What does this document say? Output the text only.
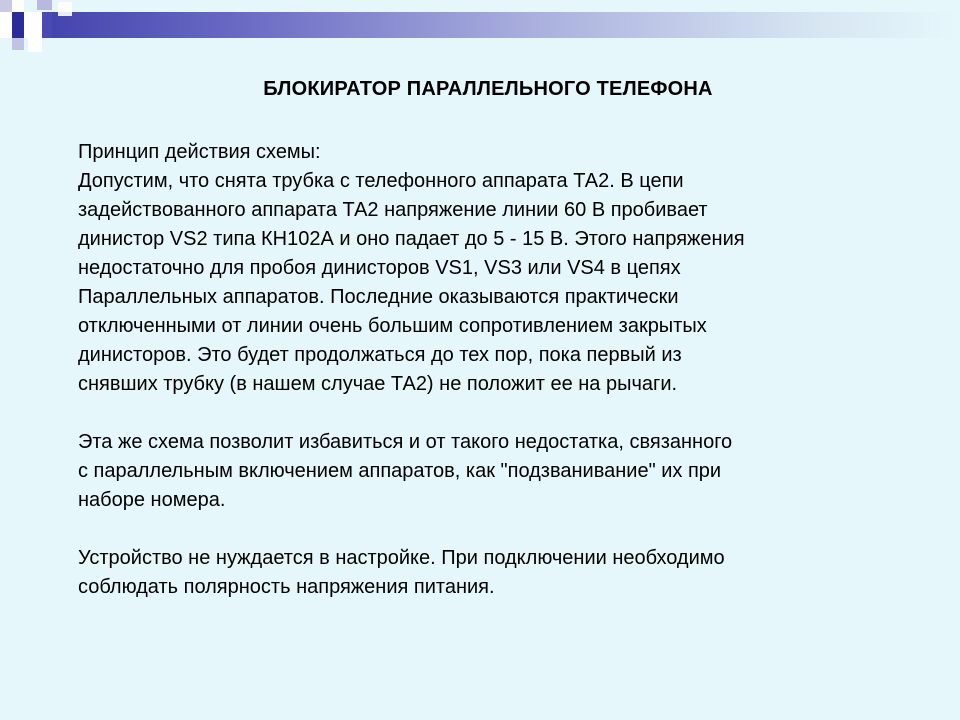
БЛОКИРАТОР ПАРАЛЛЕЛЬНОГО ТЕЛЕФОНА
Принцип действия схемы:
Допустим, что снята трубка с телефонного аппарата ТА2. В цепи
задействованного аппарата ТА2 напряжение линии 60 В пробивает
динистор VS2 типа КН102А и оно падает до 5 - 15 В. Этого напряжения
недостаточно для пробоя динисторов VS1, VS3 или VS4 в цепях
Параллельных аппаратов. Последние оказываются практически
отключенными от линии очень большим сопротивлением закрытых
динисторов. Это будет продолжаться до тех пор, пока первый из
снявших трубку (в нашем случае ТА2) не положит ее на рычаги.
Эта же схема позволит избавиться и от такого недостатка, связанного
с параллельным включением аппаратов, как "подзванивание" их при
наборе номера.
Устройство не нуждается в настройке. При подключении необходимо
соблюдать полярность напряжения питания.
